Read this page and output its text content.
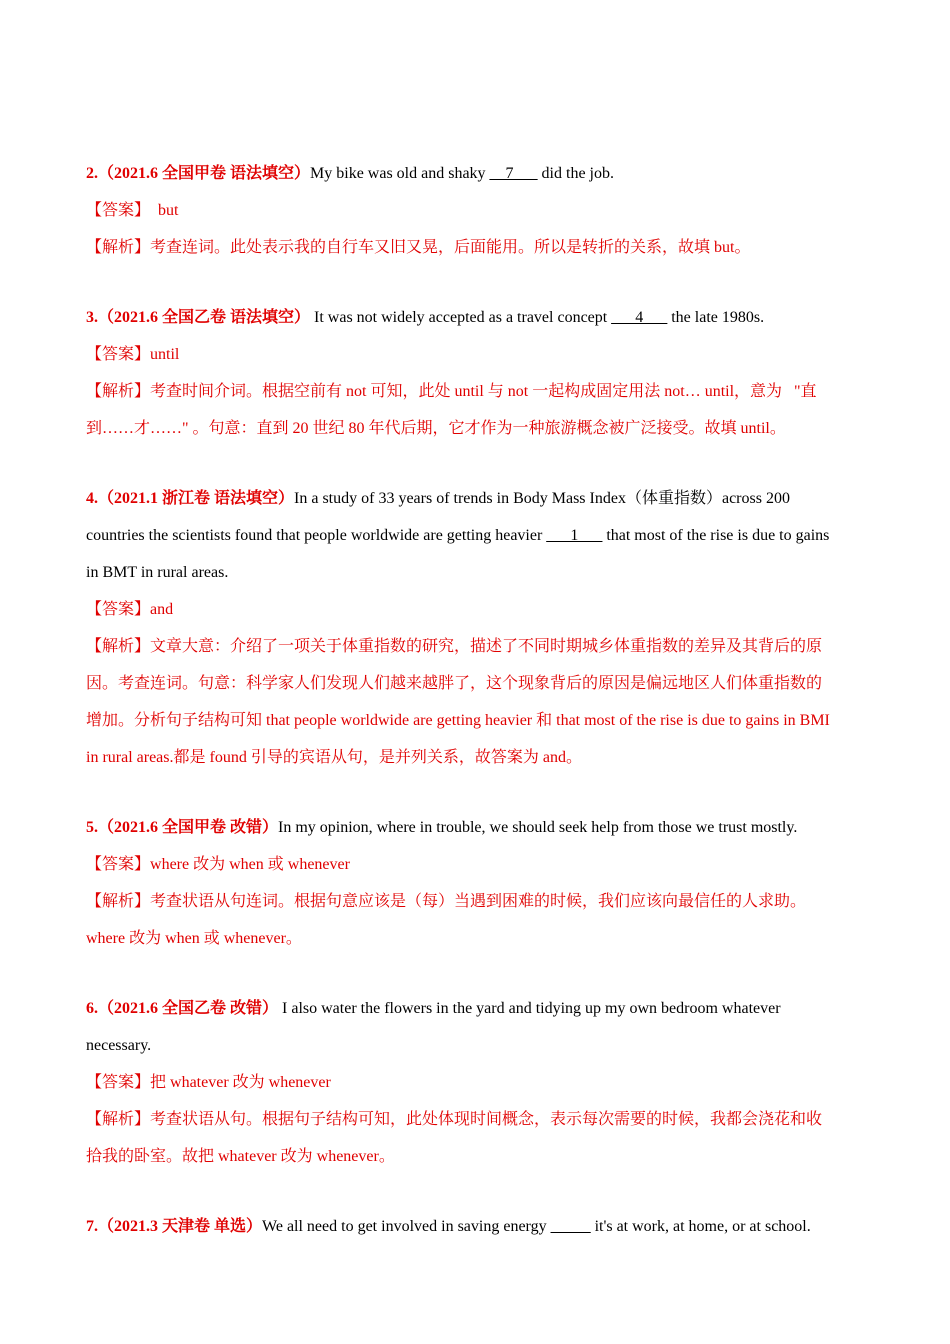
2.（2021.6 全国甲卷 语法填空）My bike was old and shaky __7___ did the job.
【答案】  but
【解析】考查连词。此处表示我的自行车又旧又晃，后面能用。所以是转折的关系，故填 but。
3.（2021.6 全国乙卷 语法填空） It was not widely accepted as a travel concept ___4___ the late 1980s.
【答案】until
【解析】考查时间介词。根据空前有 not 可知，此处 until 与 not 一起构成固定用法 not… until，意为   "直
到……才……" 。句意：直到 20 世纪 80 年代后期，它才作为一种旅游概念被广泛接受。故填 until。
4.（2021.1 浙江卷 语法填空）In a study of 33 years of trends in Body Mass Index（体重指数）across 200
countries the scientists found that people worldwide are getting heavier ___1___ that most of the rise is due to gains
in BMT in rural areas.
【答案】and
【解析】文章大意：介绍了一项关于体重指数的研究，描述了不同时期城乡体重指数的差异及其背后的原
因。考查连词。句意：科学家人们发现人们越来越胖了，这个现象背后的原因是偏远地区人们体重指数的
增加。分析句子结构可知 that people worldwide are getting heavier 和 that most of the rise is due to gains in BMI
in rural areas.都是 found 引导的宾语从句，是并列关系，故答案为 and。
5.（2021.6 全国甲卷 改错）In my opinion, where in trouble, we should seek help from those we trust mostly.
【答案】where 改为 when 或 whenever
【解析】考查状语从句连词。根据句意应该是（每）当遇到困难的时候，我们应该向最信任的人求助。
where 改为 when 或 whenever。
6.（2021.6 全国乙卷 改错） I also water the flowers in the yard and tidying up my own bedroom whatever
necessary.
【答案】把 whatever 改为 whenever
【解析】考查状语从句。根据句子结构可知，此处体现时间概念，表示每次需要的时候，我都会浇花和收
拾我的卧室。故把 whatever 改为 whenever。
7.（2021.3 天津卷 单选）We all need to get involved in saving energy _____ it's at work, at home, or at school.
